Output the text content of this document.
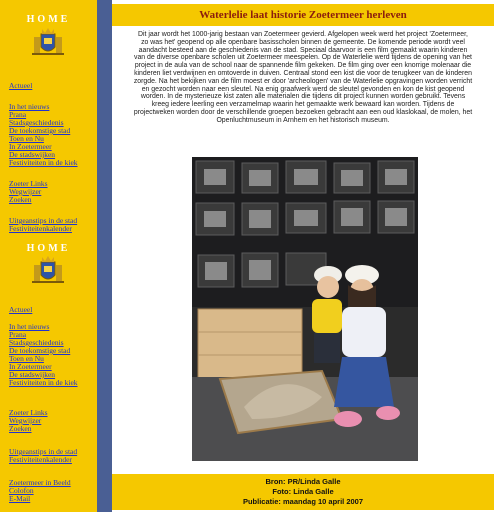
HOME
Actueel
In het nieuws
Prana
Stadsgeschiedenis
De toekomstige stad
Toen en Nu
In Zoetermeer
De stadswijken
Festiviteiten in de kiek
Zoeter Links
Wegwijzer
Zoeken
Uitgeanstips in de stad
Festiviteitenkalender
HOME
Actueel
In het nieuws
Prana
Stadsgeschiedenis
De toekomstige stad
Toen en Nu
In Zoetermeer
De stadswijken
Festiviteiten in de kiek
Zoeter Links
Wegwijzer
Zoeken
Uitgeanstips in de stad
Festiviteitenkalender
Zoetermeer in Beeld
Colofon
E-Mail
Waterlelie laat historie Zoetermeer herleven
Dit jaar wordt het 1000-jarig bestaan van Zoetermeer gevierd. Afgelopen week werd het project 'Zoetermeer,
zo was het' geopend op alle openbare basisscholen binnen de gemeente. De komende periode wordt veel
aandacht besteed aan de geschiedenis van de stad. Speciaal daarvoor is een film gemaakt waarin kinderen
van de diverse openbare scholen uit Zoetermeer meespelen. Op de Waterlelie werd tijdens de opening van het
project in de aula van de school naar de spannende film gekeken. De film ging over een knorrige molenaar die
kinderen liet verdwijnen en omtoverde in duiven. Centraal stond een kist die voor de terugkeer van de kinderen
zorgde. Na het bekijken van de film moest er door 'archeologen' van de Waterlelie opgravingen worden verricht
en gezocht worden naar een sleutel. Na enig graafwerk werd de sleutel gevonden en kon de kist geopend
worden. In de mysterieuze kist zaten alle materialen die tijdens dit project kunnen worden gebruikt. Tevens
kreeg iedere leerling een verzamelmap waarin het gemaakte werk bewaard kan worden. Tijdens de
projectweken worden door de verschillende groepen bezoeken gebracht aan een oud klaslokaal, de molen, het
Openluchtmuseum in Arnhem en het historisch museum.
Bron: PR/Linda Galle
Foto: Linda Galle
Publicatie: maandag 10 april 2007
